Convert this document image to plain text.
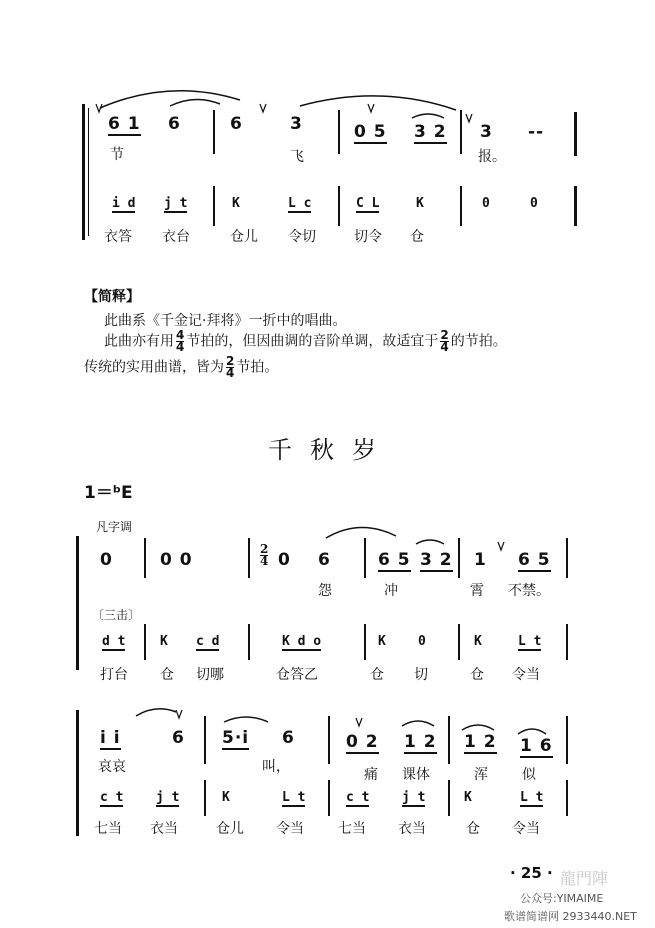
6 1 6	6	3	0 5 3 2 3 --
节	飞	报。
i d j t	K	L c	C L	K	0	0
衣答 衣台	仓儿 令切	切令 仓
【简释】
此曲系《千金记·拜将》一折中的唱曲。
此曲亦有用 $\frac{4}{4}$ 节拍的，但因曲调的音阶单调，故适宜于 $\frac{2}{4}$ 的节拍。
传统的实用曲谱，皆为 $\frac{2}{4}$ 节拍。
千秋岁
1＝ᵇE
凡字调
0	0 0	$\frac{2}{4} 0$ 6	6 5 3 2 1 6 5
怨	冲	霄 不禁。
〔三击〕
d t	K c d	K d o	K 0	K	L t
打台 仓 切哪	仓答乙	仓 切	仓 令当
i i	6 5·i 6	0 2 1 2 1 2 1 6
哀哀	叫，	痛 课体	浑 似
c t	j t	K	L t	c t	j t	K	L t
七当 衣当	仓儿 令当 七当 衣当	仓 令当
· 25 · 龍門陣
公众号:YIMAIME
歌谱简谱网 2933440.NET
